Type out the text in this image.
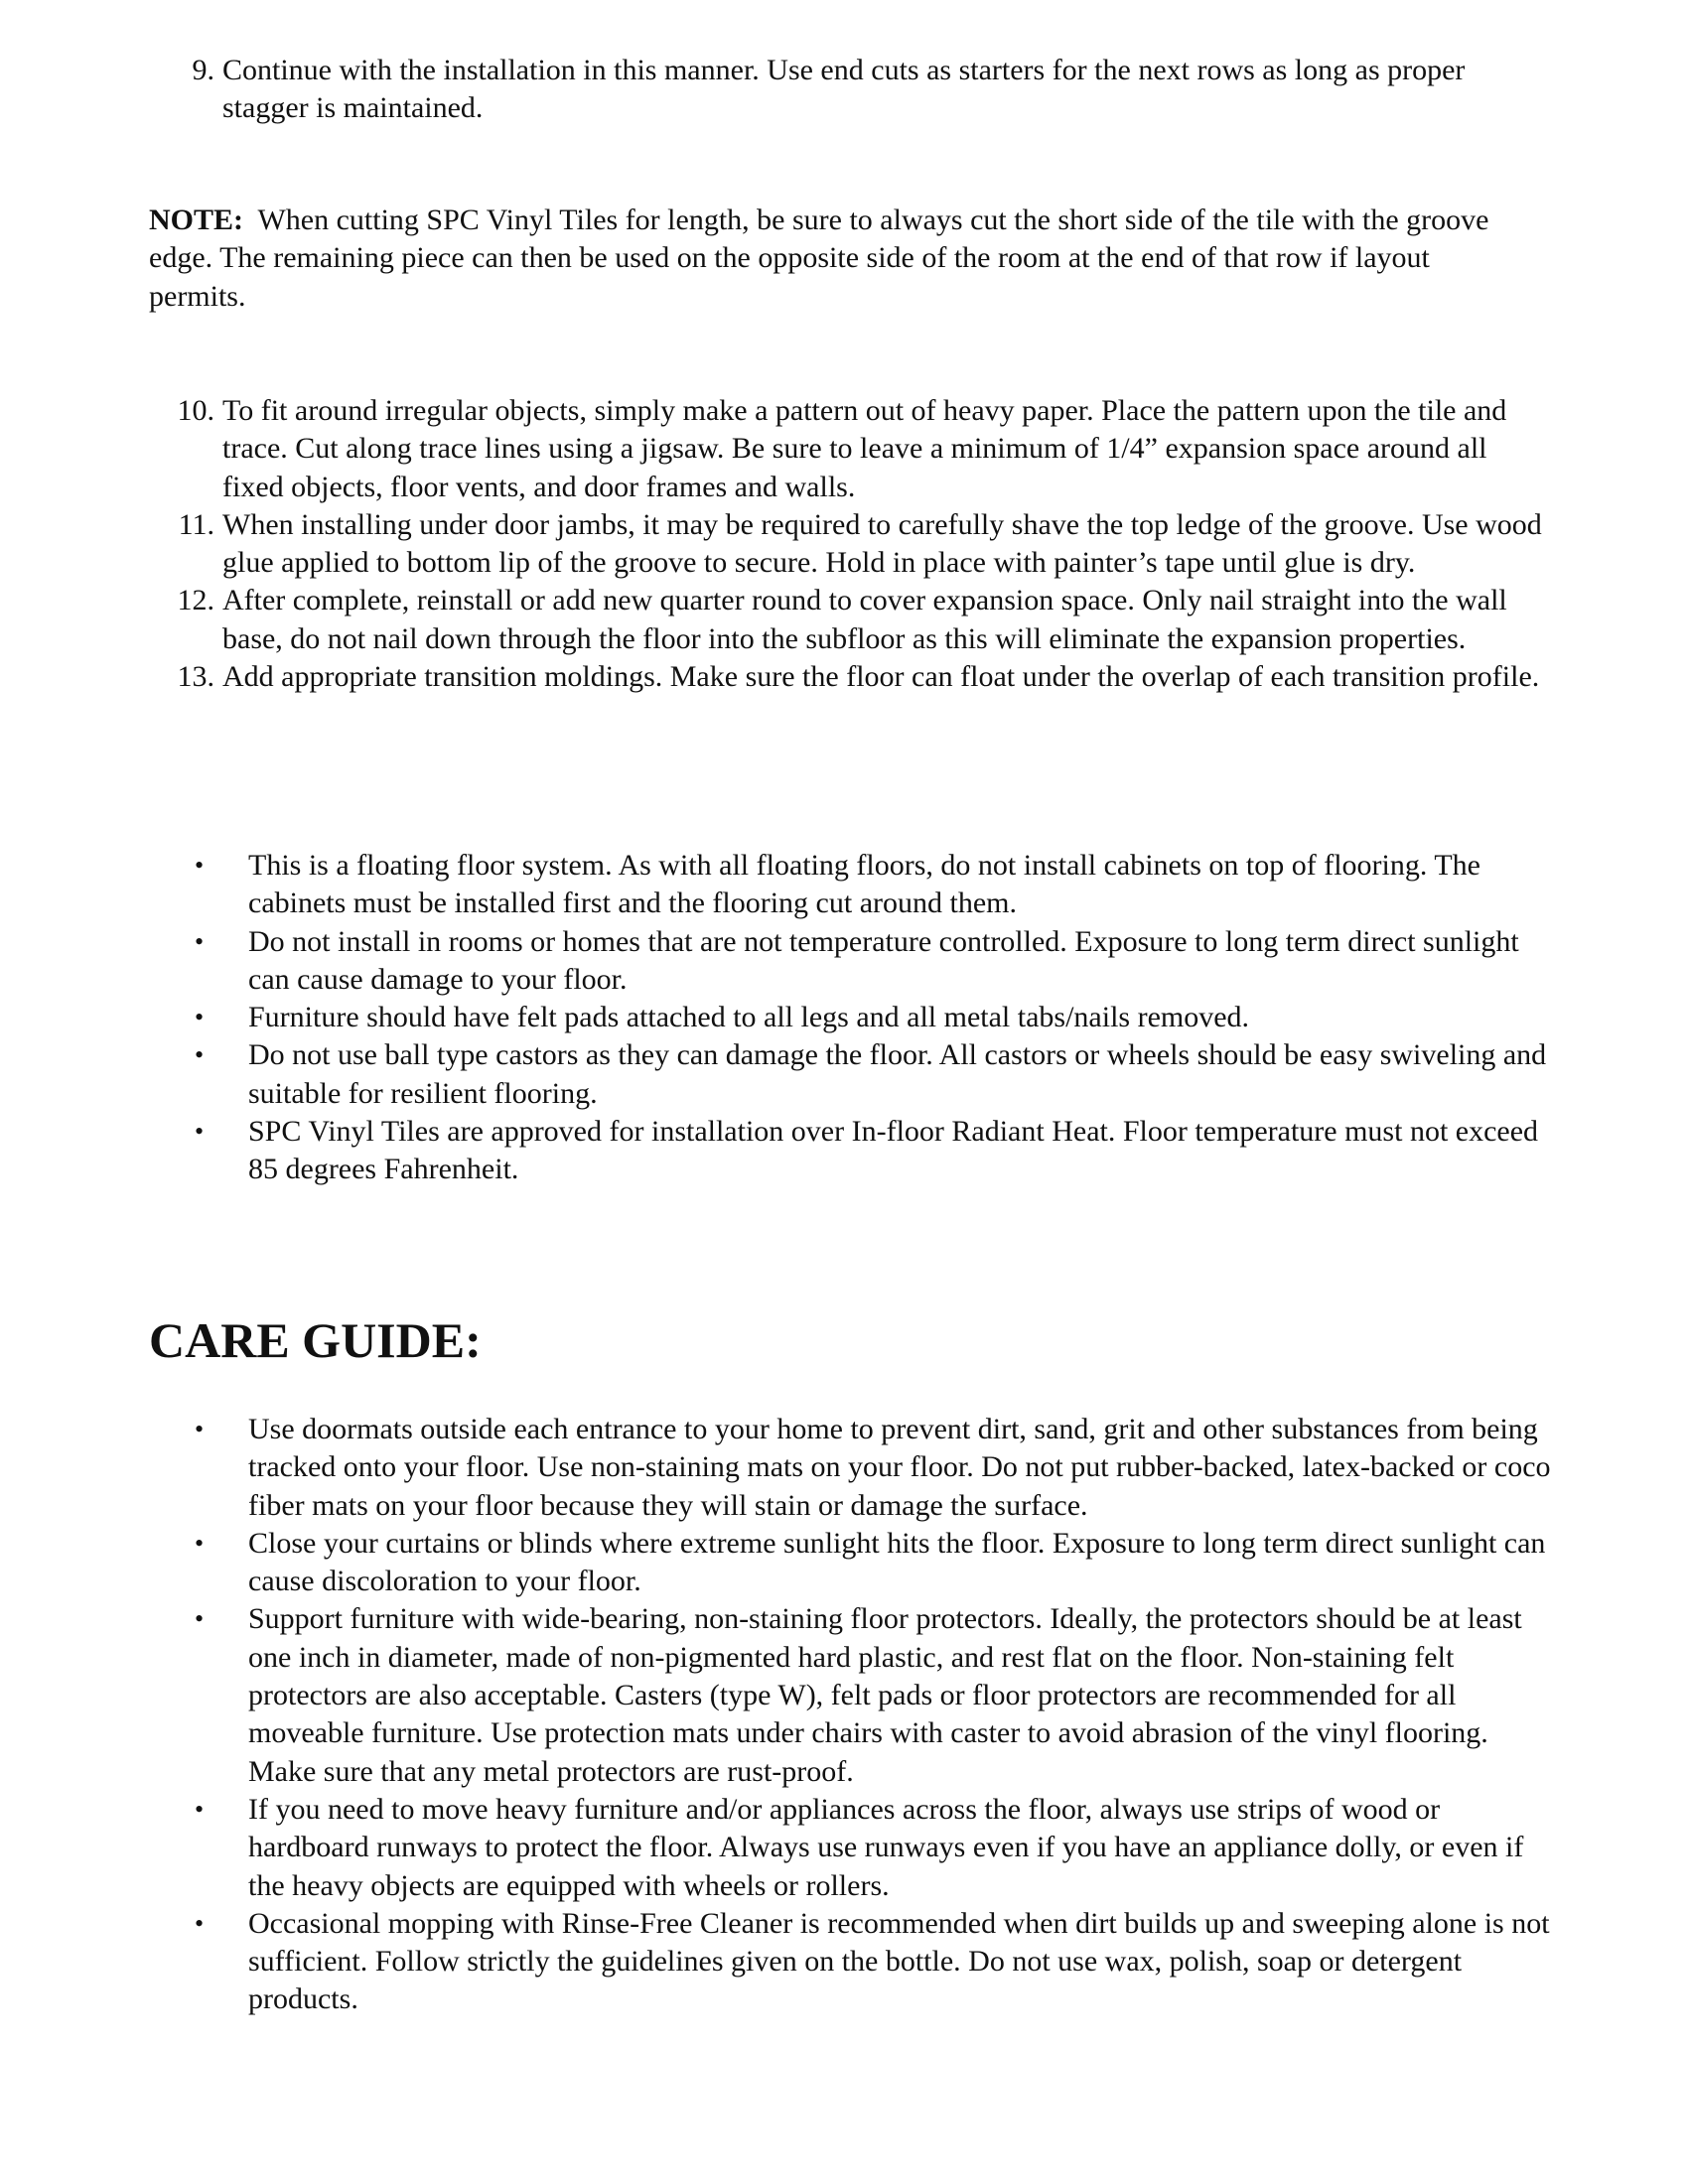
9. Continue with the installation in this manner. Use end cuts as starters for the next rows as long as proper stagger is maintained.

NOTE: When cutting SPC Vinyl Tiles for length, be sure to always cut the short side of the tile with the groove edge. The remaining piece can then be used on the opposite side of the room at the end of that row if layout permits.

10. To fit around irregular objects, simply make a pattern out of heavy paper. Place the pattern upon the tile and trace. Cut along trace lines using a jigsaw. Be sure to leave a minimum of 1/4” expansion space around all fixed objects, floor vents, and door frames and walls.
11. When installing under door jambs, it may be required to carefully shave the top ledge of the groove. Use wood glue applied to bottom lip of the groove to secure. Hold in place with painter’s tape until glue is dry.
12. After complete, reinstall or add new quarter round to cover expansion space. Only nail straight into the wall base, do not nail down through the floor into the subfloor as this will eliminate the expansion properties.
13. Add appropriate transition moldings. Make sure the floor can float under the overlap of each transition profile.
• This is a floating floor system. As with all floating floors, do not install cabinets on top of flooring. The cabinets must be installed first and the flooring cut around them.
• Do not install in rooms or homes that are not temperature controlled. Exposure to long term direct sunlight can cause damage to your floor.
• Furniture should have felt pads attached to all legs and all metal tabs/nails removed.
• Do not use ball type castors as they can damage the floor. All castors or wheels should be easy swiveling and suitable for resilient flooring.
• SPC Vinyl Tiles are approved for installation over In-floor Radiant Heat. Floor temperature must not exceed 85 degrees Fahrenheit.
CARE GUIDE:
• Use doormats outside each entrance to your home to prevent dirt, sand, grit and other substances from being tracked onto your floor. Use non-staining mats on your floor. Do not put rubber-backed, latex-backed or coco fiber mats on your floor because they will stain or damage the surface.
• Close your curtains or blinds where extreme sunlight hits the floor. Exposure to long term direct sunlight can cause discoloration to your floor.
• Support furniture with wide-bearing, non-staining floor protectors. Ideally, the protectors should be at least one inch in diameter, made of non-pigmented hard plastic, and rest flat on the floor. Non-staining felt protectors are also acceptable. Casters (type W), felt pads or floor protectors are recommended for all moveable furniture. Use protection mats under chairs with caster to avoid abrasion of the vinyl flooring. Make sure that any metal protectors are rust-proof.
• If you need to move heavy furniture and/or appliances across the floor, always use strips of wood or hardboard runways to protect the floor. Always use runways even if you have an appliance dolly, or even if the heavy objects are equipped with wheels or rollers.
• Occasional mopping with Rinse-Free Cleaner is recommended when dirt builds up and sweeping alone is not sufficient. Follow strictly the guidelines given on the bottle. Do not use wax, polish, soap or detergent products.
